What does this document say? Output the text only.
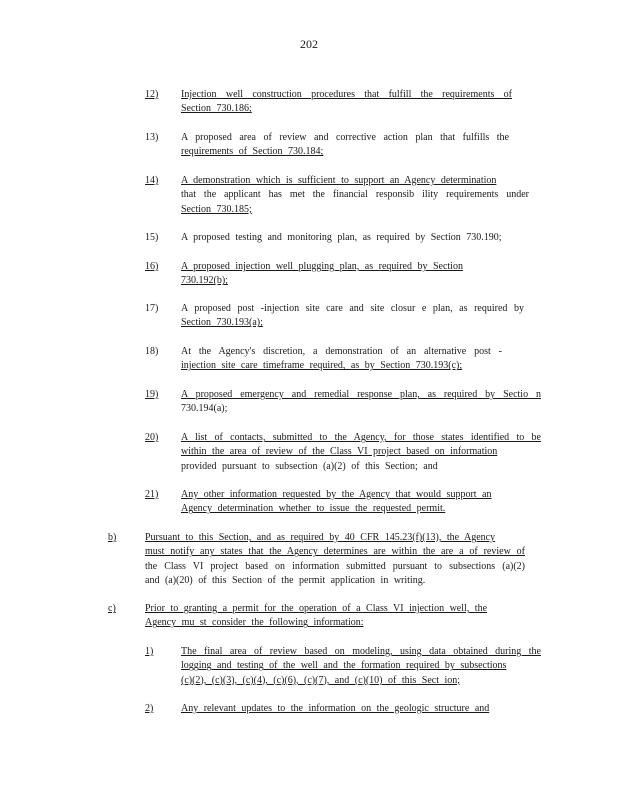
202
12) Injection well construction procedures that fulfill the requirements of
Section 730.186;
13) A proposed area of review and corrective action plan that fulfills the
requirements of Section 730.184;
14) A demonstration which is sufficient to support an Agency determination
that the applicant has met the financial responsib ility requirements under
Section 730.185;
15) A proposed testing and monitoring plan, as required by Section 730.190;
16) A proposed injection well plugging plan, as required by Section
730.192(b);
17) A proposed post -injection site care and site closur e plan, as required by
Section 730.193(a);
18) At the Agency's discretion, a demonstration of an alternative post -
injection site care timeframe required, as by Section 730.193(c);
19) A proposed emergency and remedial response plan, as required by Sectio n
730.194(a);
20) A list of contacts, submitted to the Agency, for those states identified to be
within the area of review of the Class VI project based on information
provided pursuant to subsection (a)(2) of this Section; and
21) Any other information requested by the Agency that would support an
Agency determination whether to issue the requested permit.
b)	Pursuant to this Section, and as required by 40 CFR 145.23(f)(13), the Agency
must notify any states that the Agency determines are within the are a of review of
the Class VI project based on information submitted pursuant to subsections (a)(2)
and (a)(20) of this Section of the permit application in writing.
c)	Prior to granting a permit for the operation of a Class VI injection well, the
Agency mu st consider the following information:
1)	The final area of review based on modeling, using data obtained during the
logging and testing of the well and the formation required by subsections
(c)(2), (c)(3), (c)(4), (c)(6), (c)(7), and (c)(10) of this Sect ion;
2)	Any relevant updates to the information on the geologic structure and
